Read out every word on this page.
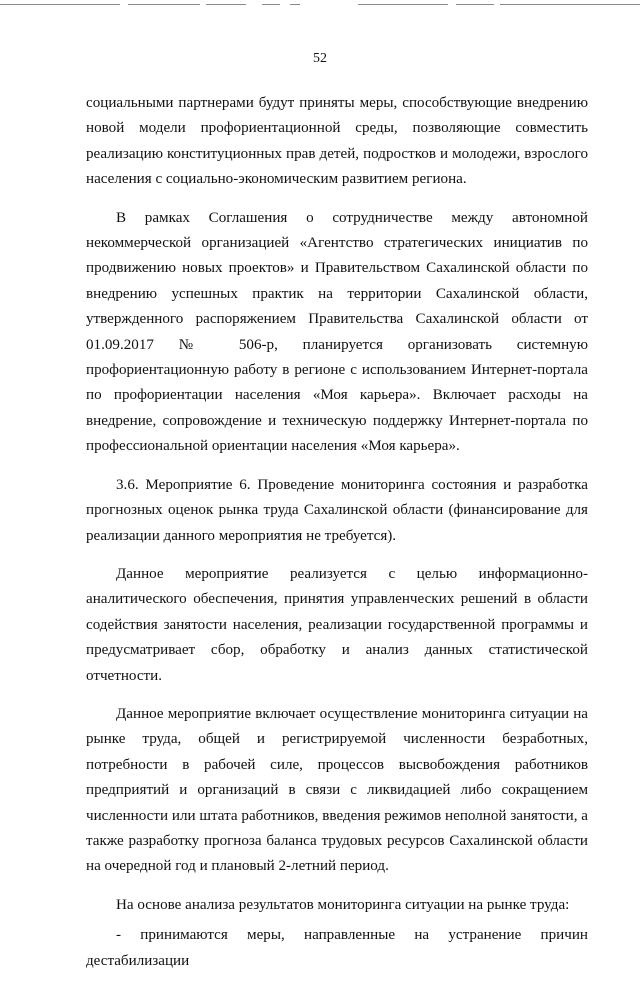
52

социальными партнерами будут приняты меры, способствующие внедрению новой модели профориентационной среды, позволяющие совместить реализацию конституционных прав детей, подростков и молодежи, взрослого населения с социально-экономическим развитием региона.

В рамках Соглашения о сотрудничестве между автономной некоммерческой организацией «Агентство стратегических инициатив по продвижению новых проектов» и Правительством Сахалинской области по внедрению успешных практик на территории Сахалинской области, утвержденного распоряжением Правительства Сахалинской области от 01.09.2017 № 506-р, планируется организовать системную профориентационную работу в регионе с использованием Интернет-портала по профориентации населения «Моя карьера». Включает расходы на внедрение, сопровождение и техническую поддержку Интернет-портала по профессиональной ориентации населения «Моя карьера».

3.6. Мероприятие 6. Проведение мониторинга состояния и разработка прогнозных оценок рынка труда Сахалинской области (финансирование для реализации данного мероприятия не требуется).

Данное мероприятие реализуется с целью информационно-аналитического обеспечения, принятия управленческих решений в области содействия занятости населения, реализации государственной программы и предусматривает сбор, обработку и анализ данных статистической отчетности.

Данное мероприятие включает осуществление мониторинга ситуации на рынке труда, общей и регистрируемой численности безработных, потребности в рабочей силе, процессов высвобождения работников предприятий и организаций в связи с ликвидацией либо сокращением численности или штата работников, введения режимов неполной занятости, а также разработку прогноза баланса трудовых ресурсов Сахалинской области на очередной год и плановый 2-летний период.

На основе анализа результатов мониторинга ситуации на рынке труда:

- принимаются меры, направленные на устранение причин дестабилизации
